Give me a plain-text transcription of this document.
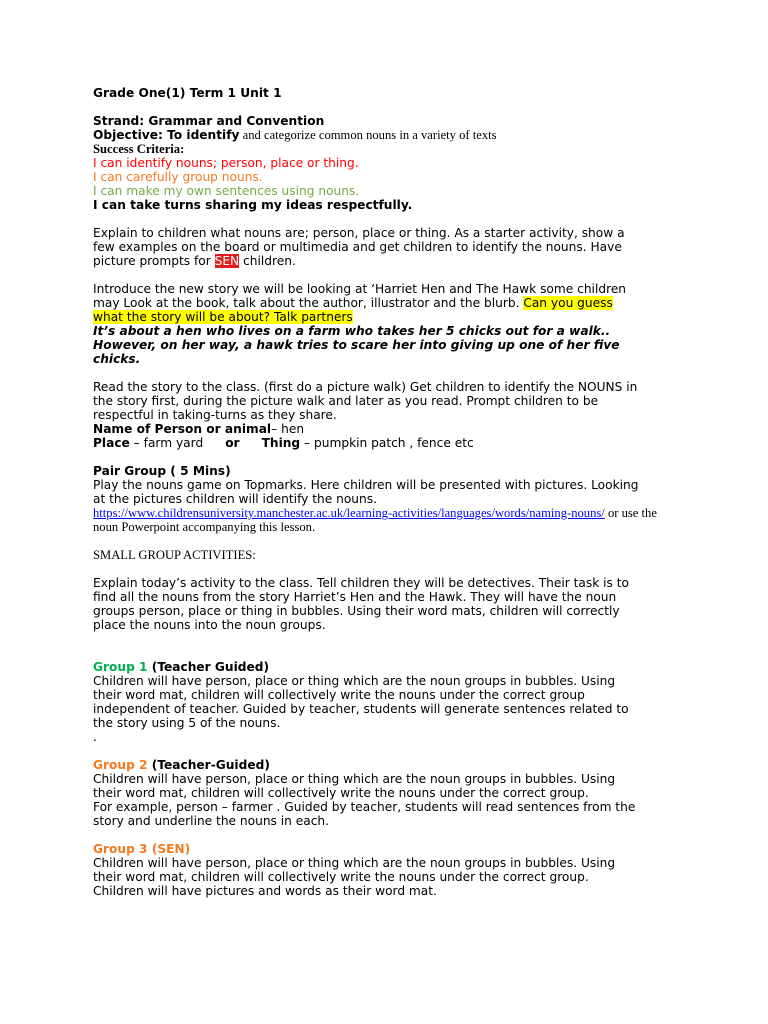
Grade One(1) Term 1 Unit 1

Strand: Grammar and Convention

Objective: To identify and categorize common nouns in a variety of texts

Success Criteria:

I can identify nouns; person, place or thing.

I can carefully group nouns.

I can make my own sentences using nouns.

I can take turns sharing my ideas respectfully.

Explain to children what nouns are; person, place or thing. As a starter activity, show a

few examples on the board or multimedia and get children to identify the nouns. Have

picture prompts for SEN children.

Introduce the new story we will be looking at ‘Harriet Hen and The Hawk some children

may Look at the book, talk about the author, illustrator and the blurb. Can you guess

what the story will be about? Talk partners

It’s about a hen who lives on a farm who takes her 5 chicks out for a walk..

However, on her way, a hawk tries to scare her into giving up one of her five

chicks.

Read the story to the class. (first do a picture walk) Get children to identify the NOUNS in

the story first, during the picture walk and later as you read. Prompt children to be

respectful in taking-turns as they share.

Name of Person or animal– hen

Place – farm yard or Thing – pumpkin patch , fence etc

Pair Group ( 5 Mins)

Play the nouns game on Topmarks. Here children will be presented with pictures. Looking

at the pictures children will identify the nouns.

https://www.childrensuniversity.manchester.ac.uk/learning-activities/languages/words/naming-nouns/ or use the

noun Powerpoint accompanying this lesson.

SMALL GROUP ACTIVITIES:

Explain today’s activity to the class. Tell children they will be detectives. Their task is to

find all the nouns from the story Harriet’s Hen and the Hawk. They will have the noun

groups person, place or thing in bubbles. Using their word mats, children will correctly

place the nouns into the noun groups.

Group 1 (Teacher Guided)

Children will have person, place or thing which are the noun groups in bubbles. Using

their word mat, children will collectively write the nouns under the correct group

independent of teacher. Guided by teacher, students will generate sentences related to

the story using 5 of the nouns.

.

Group 2 (Teacher-Guided)

Children will have person, place or thing which are the noun groups in bubbles. Using

their word mat, children will collectively write the nouns under the correct group.

For example, person – farmer . Guided by teacher, students will read sentences from the

story and underline the nouns in each.

Group 3 (SEN)

Children will have person, place or thing which are the noun groups in bubbles. Using

their word mat, children will collectively write the nouns under the correct group.

Children will have pictures and words as their word mat.
